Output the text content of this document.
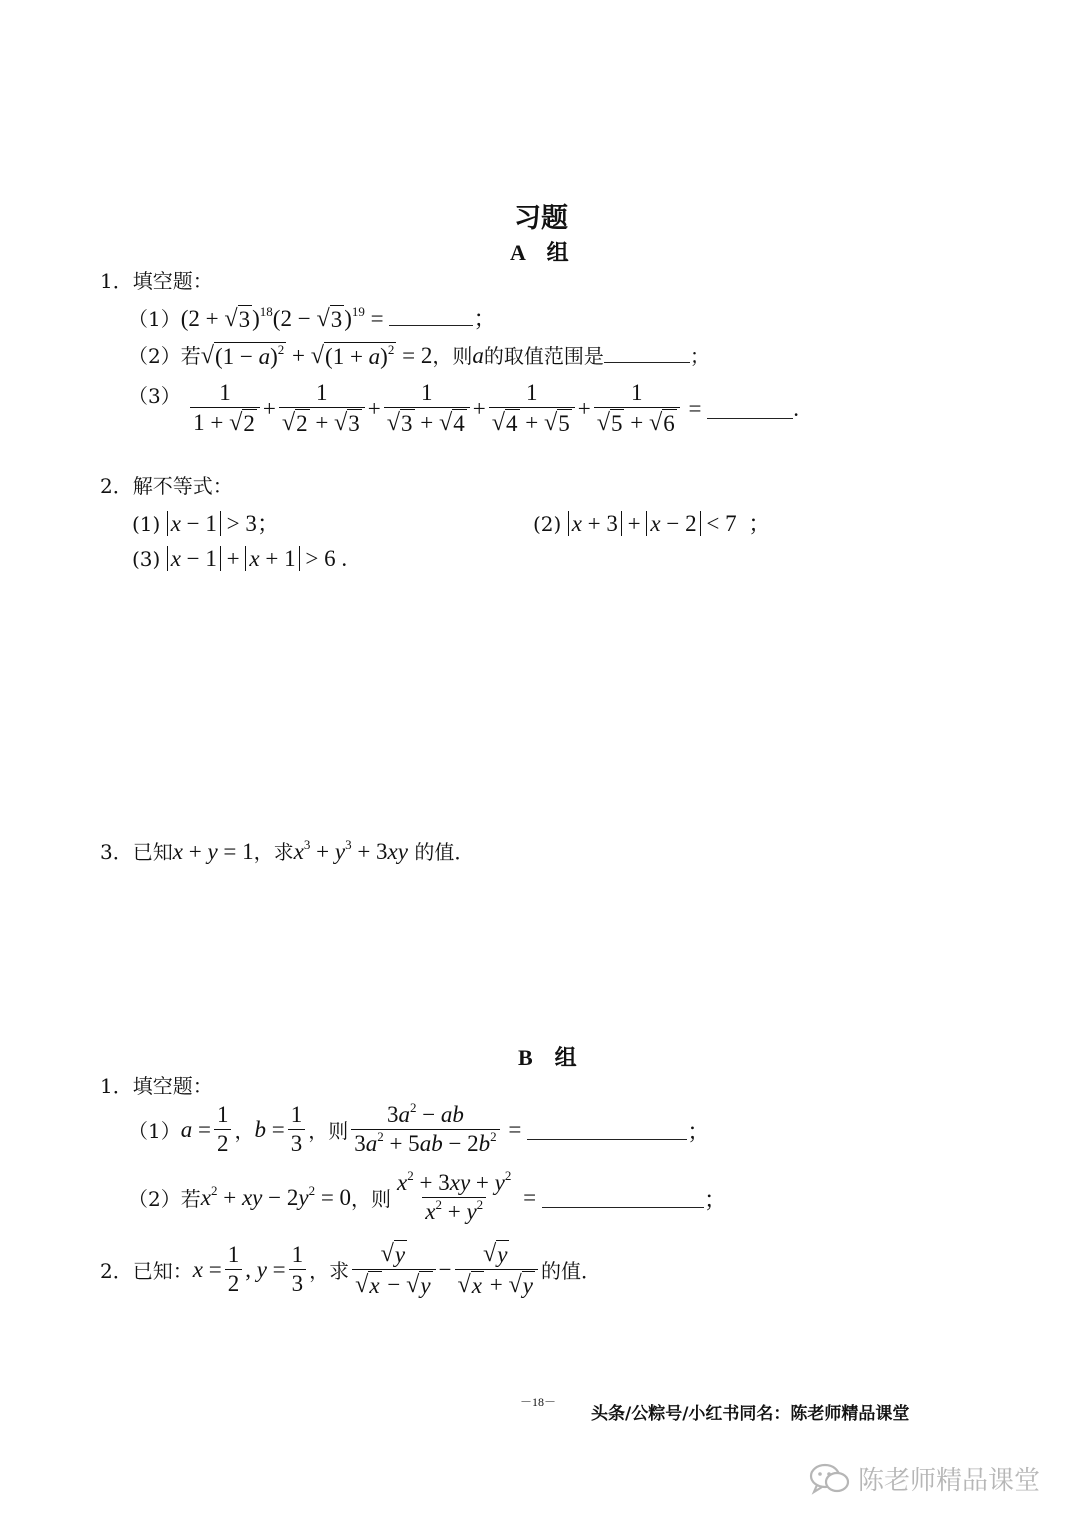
习题
A　组
1．填空题：
（1）(2 + √ 3 )$^{18}$(2 − √ 3 )$^{19}$ =	；
（2）若 √ $(1 - a)^2$ + √ $(1 + a)^2 = 2$，则a的取值范围是	；
$(3) \frac{1}{1 + √ 2} + \frac{1}{√ 2 + √ 3} + \frac{1}{√ 3 + √ 4} + \frac{1}{√ 4 + √ 5} + \frac{1}{√ 5 + √ 6}$ =	.
2．解不等式：
(1) x − 1 > 3；	(2) x + 3 + x − 2 < 7  ；
(3) x − 1 + x + 1 > 6 .
3．已知x + y = 1，求$x^3 + y^3 + 3xy$ 的值．
B　组
1．填空题：
（1） $a = \frac{1}{2}$ ， $b = \frac{1}{3}$ ，则 $\frac{3a^2 - ab}{3a^2 + 5ab - 2b^2}$ =	；
（2）若 $x^2$ + xy − $2y^2 = 0$ ，则 $\frac{x^2 + 3xy + y^2}{x^2 + y^2}$ =	；
2．已知： $x = \frac{1}{2}$ , $y = \frac{1}{3}$ ，求 $\frac{√ y}{√ x - √ y} - \frac{√ y}{√ x + √ y}$ 的值．
－18－
头条/公粽号/小红书同名：陈老师精品课堂
陈老师精品课堂
